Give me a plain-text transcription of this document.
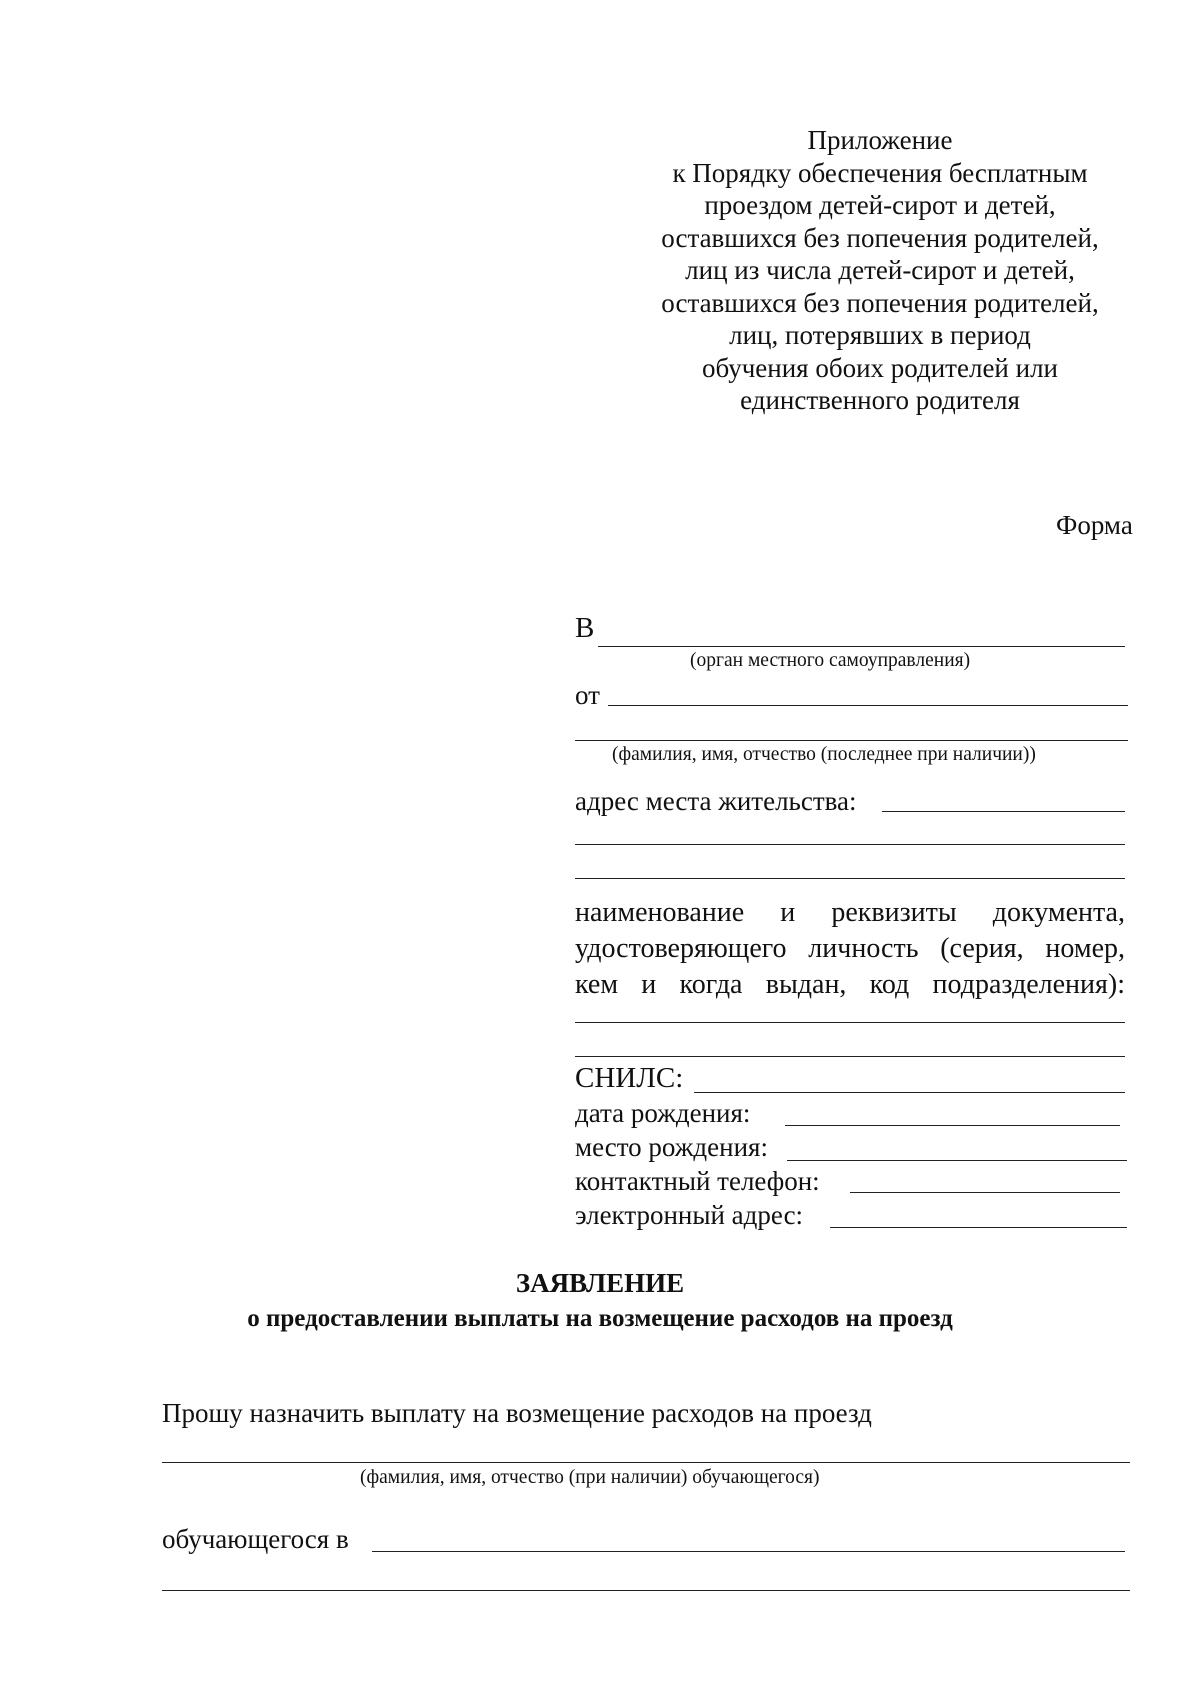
Приложение
к Порядку обеспечения бесплатным
проездом детей-сирот и детей,
оставшихся без попечения родителей,
лиц из числа детей-сирот и детей,
оставшихся без попечения родителей,
лиц, потерявших в период
обучения обоих родителей или
единственного родителя
Форма
В
(орган местного самоуправления)
от
(фамилия, имя, отчество (последнее при наличии))
адрес места жительства:
наименование и реквизиты документа,
удостоверяющего личность (серия, номер,
кем и когда выдан, код подразделения):
СНИЛС:
дата рождения:
место рождения:
контактный телефон:
электронный адрес:
ЗАЯВЛЕНИЕ
о предоставлении выплаты на возмещение расходов на проезд
Прошу назначить выплату на возмещение расходов на проезд
(фамилия, имя, отчество (при наличии) обучающегося)
обучающегося в
